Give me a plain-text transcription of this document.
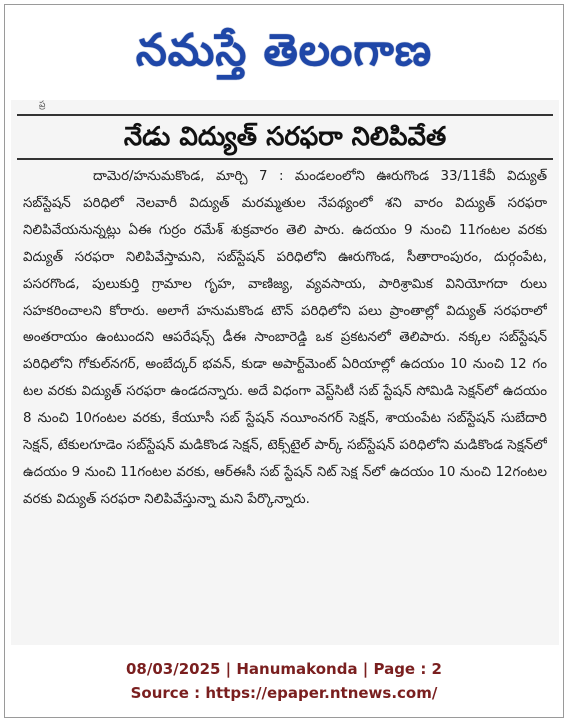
నమస్తే తెలంగాణ
ప్ర
నేడు విద్యుత్ సరఫరా నిలిపివేత
దామెర/హనుమకొండ, మార్చి 7 : మండలంలోని ఊరుగొండ 33/11కేవీ విద్యుత్ సబ్‌స్టేషన్ పరిధిలో నెలవారీ విద్యుత్ మరమ్మతుల నేపథ్యంలో శని వారం విద్యుత్ సరఫరా నిలిపివేయనున్నట్లు ఏఈ గుర్రం రమేశ్ శుక్రవారం తెలి పారు. ఉదయం 9 నుంచి 11గంటల వరకు విద్యుత్ సరఫరా నిలిపివేస్తామని, సబ్‌స్టేషన్ పరిధిలోని ఊరుగొండ, సీతారాంపురం, దుర్గంపేట, పసరగొండ, పులుకుర్తి గ్రామాల గృహ, వాణిజ్య, వ్యవసాయ, పారిశ్రామిక వినియోగదా రులు సహకరించాలని కోరారు. అలాగే హనుమకొండ టౌన్ పరిధిలోని పలు ప్రాంతాల్లో విద్యుత్ సరఫరాలో అంతరాయం ఉంటుందని ఆపరేషన్స్ డీఈ సాంబారెడ్డి ఒక ప్రకటనలో తెలిపారు. నక్కల సబ్‌స్టేషన్ పరిధిలోని గోకుల్‌నగర్, అంబేద్కర్ భవన్, కుడా అపార్ట్‌మెంట్ ఏరియాల్లో ఉదయం 10 నుంచి 12 గం టల వరకు విద్యుత్ సరఫరా ఉండదన్నారు. అదే విధంగా వెస్ట్‌సిటీ సబ్ స్టేషన్ సోమిడి సెక్షన్‌లో ఉదయం 8 నుంచి 10గంటల వరకు, కేయూసీ సబ్ స్టేషన్ నయీంనగర్ సెక్షన్, శాయంపేట సబ్‌స్టేషన్ సుబేదారి సెక్షన్, టేకులగూడెం సబ్‌స్టేషన్ మడికొండ సెక్షన్, టెక్స్‌టైల్ పార్క్ సబ్‌స్టేషన్ పరిధిలోని మడికొండ సెక్షన్‌లో ఉదయం 9 నుంచి 11గంటల వరకు, ఆర్‌ఈసీ సబ్ స్టేషన్ నిట్ సెక్ష న్‌లో ఉదయం 10 నుంచి 12గంటల వరకు విద్యుత్ సరఫరా నిలిపివేస్తున్నా మని పేర్కొన్నారు.
08/03/2025 | Hanumakonda | Page : 2
Source : https://epaper.ntnews.com/
